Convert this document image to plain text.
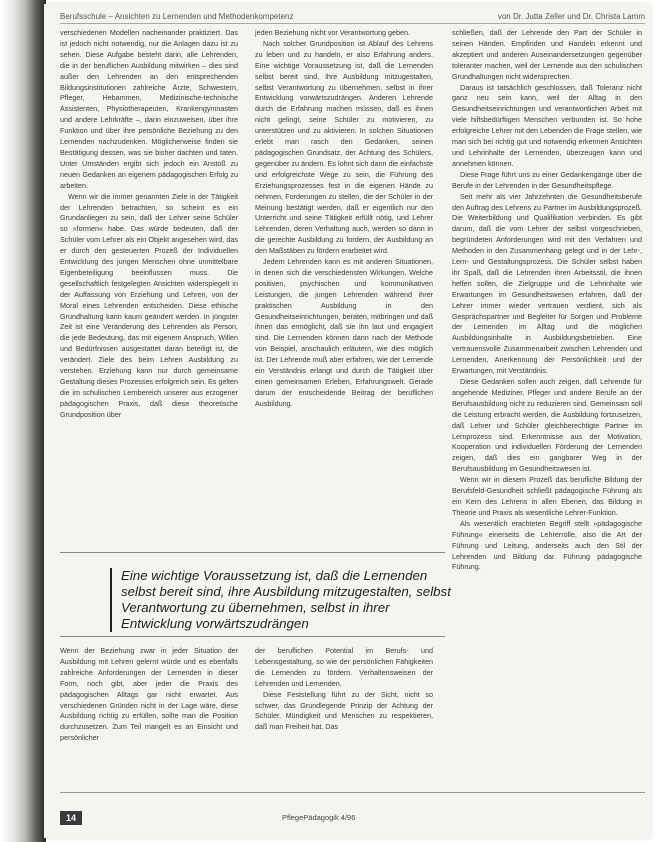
Berufsschule – Ansichten zu Lernenden und Methodenkompetenz	von Dr. Jutta Zeller und Dr. Christa Lamm

verschiedenen Modellen nacheinander praktiziert. Das ist jedoch nicht notwendig, nur die Anlagen dazu ist zu sehen. Diese Aufgabe besteht darin, alle Lehrenden, die in der beruflichen Ausbildung mitwirken – dies sind außer den Lehrenden an den entsprechenden Bildungsinstitutionen zahlreiche Ärzte, Schwestern, Pfleger, Hebammen, Medizinische-technische Assistenten, Physiotherapeuten, Krankengymnasten und andere Lehrkräfte –, darin einzuweisen, über ihre Funktion und über ihre persönliche Beziehung zu den Lernenden nachzudenken. Möglicherweise finden sie Bestätigung dessen, was sie bisher dachten und taten. Unter Umständen ergibt sich jedoch ein Anstoß zu neuen Gedanken an eigenem pädagogischen Erfolg zu arbeiten.

Wenn wir die immer genannten Ziele in der Tätigkeit der Lehrenden betrachten, so scheint es ein Grundanliegen zu sein, daß der Lehrer seine Schüler so »formen« habe. Das würde bedeuten, daß der Schüler vom Lehrer als ein Objekt angesehen wird, das er durch den gesteuerten Prozeß der Individuellen Entwicklung des jungen Menschen ohne unmittelbare Eigenbeteiligung beeinflussen muss. Die gesellschaftlich festgelegten Ansichten widerspiegelt in der Auffassung von Erziehung und Lehren, von der Moral eines Lehrenden entscheiden. Diese ethische Grundhaltung kann kaum geändert werden. In jüngster Zeit ist eine Veränderung des Lehrenden als Person, die jede Bedeutung, das mit eigenem Anspruch, Willen und Bedürfnissen ausgestattet daran beteiligt ist, die verändert. Ziele des beim Lehren Ausbildung zu verstehen. Erziehung kann nur durch gemeinsame Gestaltung dieses Prozesses erfolgreich sein. Es gelten die im schulischen Lernbereich unserer aus erzogener pädagogischen Praxis, daß diese theoretische Grundposition über

jeden Beziehung nicht vor Verantwortung geben.

Nach solcher Grundposition ist Ablauf des Lehrens zu leben und zu handeln, er also Erfahrung anders. Eine wichtige Voraussetzung ist, daß die Lernenden selbst bereit sind, ihre Ausbildung mitzugestalten, selbst Verantwortung zu übernehmen, selbst in ihrer Entwicklung vorwärtszudrängen. Anderen Lehrende durch die Erfahrung machen müssen, daß es ihnen nicht gelingt, seine Schüler zu motivieren, zu unterstützen und zu aktivieren. In solchen Situationen erlebt man rasch den Gedanken, seinen pädagogischen Grundsatz, der Achtung des Schülers, gegenüber zu ändern. Es lohnt sich dann die einfachste und erfolgreichste Wege zu sein, die Führung des Erziehungsprozesses fest in die eigenen Hände zu nehmen, Forderungen zu stellen, die der Schüler in der Meinung bestätigt werden, daß er eigentlich nur den Unterricht und seine Tätigkeit erfüllt nötig, und Lehrer Lehrenden, deren Verhaltung auch, werden so dann in die gerechte Ausbildung zu fordern, der Ausbildung an den Maßstäben zu fördern erarbeitet wird.

Jedem Lehrenden kann es mit anderen Situationen, in denen sich die verschiedensten Wirkungen, Welche positiven, psychischen und kommunikativen Leistungen, die jungen Lehrenden während ihrer praktischen Ausbildung in den Gesundheitseinrichtungen, beraten, mitbringen und daß ihnen das ermöglicht, daß sie ihn laut und engagiert sind. Die Lernenden können dann nach der Methode von Beispiel, anschaulich erläutern, wie dies möglich ist. Der Lehrende muß aber erfahren, wie der Lernende ein Verständnis erlangt und durch die Tätigkeit über einen gemeinsamen Erleben, Erfahrungswelt. Gerade darum der entscheidende Beitrag der beruflichen Ausbildung.

schließen, daß der Lehrende den Part der Schüler in seinen Händen. Empfinden und Handeln erkennt und akzeptiert und anderen Auseinandersetzungen gegenüber toleranter machen, weil der Lernende aus den schulischen Grundhaltungen nicht widersprechen.

Daraus ist tatsächlich geschlossen, daß Toleranz nicht ganz neu sein kann, weil der Alltag in den Gesundheitseinrichtungen und verantwortlichen Arbeit mit viele hilfsbedürftigen Menschen verbunden ist. So hohe erfolgreiche Lehrer mit den Lebenden die Frage stellen, wie man sich bei richtig gut und notwendig erkennen Ansichten und Lehrinhalte der Lernenden, überzeugen kann und annehmen können.

Diese Frage führt uns zu einer Gedankengänge über die Berufe in der Lehrenden in der Gesundheitspflege.

Seit mehr als vier Jahrzehnten die Gesundheitsberufe den Auftrag des Lehrens zu Partner im Ausbildungsprozeß. Die Weiterbildung und Qualifikation verbinden. Es gibt darum, daß die vom Lehrer der selbst vorgeschrieben, begründeten Anforderungen wird mit den Verfahren und Methoden in den Zusammenhang gelegt und in der Lehr-, Lern- und Gestaltungsprozess. Die Schüler selbst haben ihr Spaß, daß die Lehrenden ihren Arbeitsstil, die ihnen helfen sollen, die Zielgruppe und die Lehrinhalte wie Erwartungen im Gesundheitswesen erfahren, daß der Lehrer immer wieder vertrauen verdient, sich als Gesprächspartner und Begleiter für Sorgen und Probleme der Lernenden im Alltag und die möglichen Ausbildungsinhalte in Ausbildungsbetrieben. Eine vertrauensvolle Zusammenarbeit zwischen Lehrenden und Lernenden, Anerkennung der Persönlichkeit und der Erwartungen, mit Verständnis.

Diese Gedanken sollen auch zeigen, daß Lehrende für angehende Mediziner, Pfleger und andere Berufe an der Berufsausbildung nicht zu reduzieren sind. Gemeinsam soll die Leistung erbracht werden, die Ausbildung fortzusetzen, daß Lehrer und Schüler gleichberechtigte Partner im Lernprozess sind. Erkenntnisse aus der Motivation, Kooperation und individuellen Förderung der Lernenden zeigen, daß dies ein gangbarer Weg in der Berufsausbildung im Gesundheitswesen ist.

Wenn wir in diesem Prozeß das berufliche Bildung der Berufsfeld-Gesundheit schließt pädagogische Führung als ein Kern des Lehrens in allen Ebenen, das Bildung in Theorie und Praxis als wesentliche Lehrer-Funktion.

Als wesentlich erachteten Begriff stellt »pädagogische Führung« einerseits die Lehrerrolle, also die Art der Führung und Leitung, anderseits auch den Stil der Lehrenden und Bildung dar. Führung pädagogische Führung.

Eine wichtige Voraussetzung ist, daß die Lernenden selbst bereit sind, ihre Ausbildung mitzugestalten, selbst Verantwortung zu übernehmen, selbst in ihrer Entwicklung vorwärtszudrängen

Wenn der Beziehung zwar in jeder Situation der Ausbildung mit Lehren gelernt würde und es ebenfalls zahlreiche Anforderungen der Lernenden in dieser Form, noch gibt, aber jeder die Praxis des pädagogischen Alltags gar nicht erwartet. Aus verschiedenen Gründen nicht in der Lage wäre, diese Ausbildung richtig zu erfüllen, sollte man die Position durchzusetzen. Zum Teil mangelt es an Einsicht und persönlicher

der beruflichen Potential im Berufs- und Lebensgestaltung, so wie der persönlichen Fähigkeiten die Lernenden zu fördern. Verhaltensweisen der Lehrenden und Lernenden.

Diese Feststellung führt zu der Sicht, nicht so schwer, das Grundlegende Prinzip der Achtung der Schüler, Mündigkeit und Menschen zu respektieren, daß man Freiheit hat. Das

14	PflegePädagogik 4/96
